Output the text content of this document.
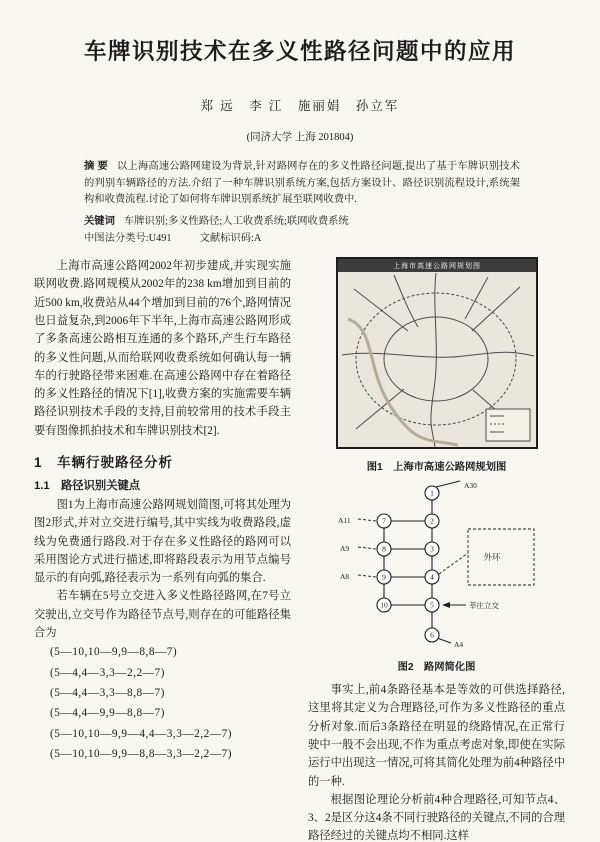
车牌识别技术在多义性路径问题中的应用
郑 远　李 江　施丽娟　孙立军
(同济大学 上海 201804)

摘 要 以上海高速公路网建设为背景,针对路网存在的多义性路径问题,提出了基于车牌识别技术的判别车辆路径的方法.介绍了一种车牌识别系统方案,包括方案设计、路径识别流程设计,系统架构和收费流程.讨论了如何将车牌识别系统扩展至联网收费中.

关键词 车牌识别;多义性路径;人工收费系统;联网收费系统
中图法分类号:U491	文献标识码:A

上海市高速公路网2002年初步建成,并实现实施联网收费.路网规模从2002年的238 km增加到目前的近500 km,收费站从44个增加到目前的76个,路网情况也日益复杂,到2006年下半年,上海市高速公路网形成了多条高速公路相互连通的多个路环,产生行车路径的多义性问题,从而给联网收费系统如何确认每一辆车的行驶路径带来困难.在高速公路网中存在着路径的多义性路径的情况下[1],收费方案的实施需要车辆路径识别技术手段的支持,目前较常用的技术手段主要有图像抓拍技术和车牌识别技术[2].

1　车辆行驶路径分析
1.1　路径识别关键点

图1为上海市高速公路网规划简图,可将其处理为图2形式,并对立交进行编号,其中实线为收费路段,虚线为免费通行路段.对于存在多义性路径的路网可以采用图论方式进行描述,即将路段表示为用节点编号显示的有向弧,路径表示为一系列有向弧的集合.

若车辆在5号立交进入多义性路径路网,在7号立交驶出,立交号作为路径节点号,则存在的可能路径集合为

(5—10,10—9,9—8,8—7)

(5—4,4—3,3—2,2—7)

(5—4,4—3,3—8,8—7)

(5—4,4—9,9—8,8—7)

(5—10,10—9,9—4,4—3,3—2,2—7)

(5—10,10—9,9—8,8—3,3—2,2—7)

上海市高速公路网规划图
图1　上海市高速公路网规划图
1
2
3
4
5
6
7
8
9
10
A30
A11
A9
A8
A4
外环
莘庄立交
图2　路网简化图

事实上,前4条路径基本是等效的可供选择路径,这里将其定义为合理路径,可作为多义性路径的重点分析对象.而后3条路径在明显的绕路情况,在正常行驶中一般不会出现,不作为重点考虑对象,即使在实际运行中出现这一情况,可将其简化处理为前4种路径中的一种.

根据图论理论分析前4种合理路径,可知节点4、3、2是区分这4条不同行驶路径的关键点,不同的合理路径经过的关键点均不相同.这样
